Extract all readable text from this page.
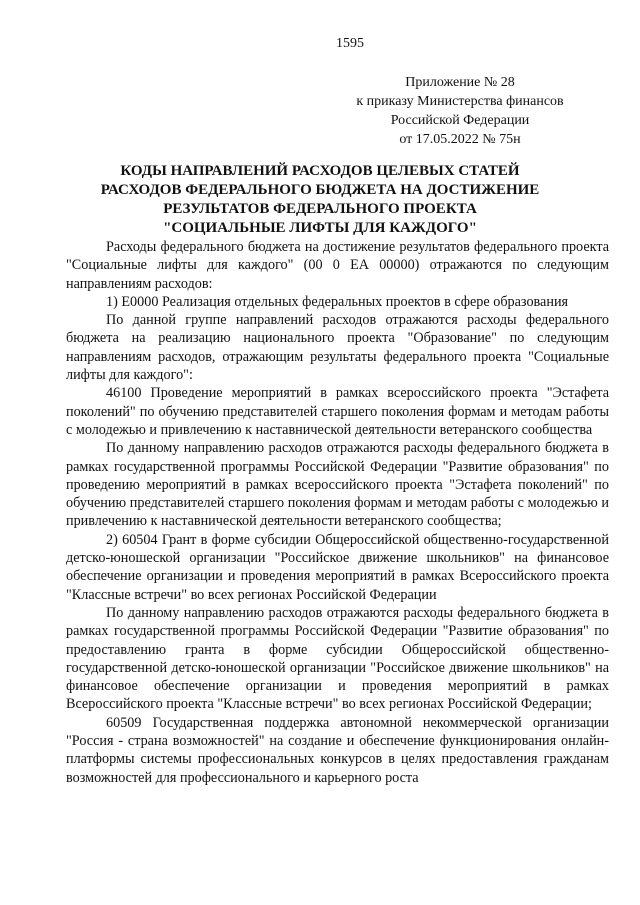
1595
Приложение № 28
к приказу Министерства финансов
Российской Федерации
от 17.05.2022 № 75н
КОДЫ НАПРАВЛЕНИЙ РАСХОДОВ ЦЕЛЕВЫХ СТАТЕЙ
РАСХОДОВ ФЕДЕРАЛЬНОГО БЮДЖЕТА НА ДОСТИЖЕНИЕ
РЕЗУЛЬТАТОВ ФЕДЕРАЛЬНОГО ПРОЕКТА
"СОЦИАЛЬНЫЕ ЛИФТЫ ДЛЯ КАЖДОГО"

Расходы федерального бюджета на достижение результатов федерального проекта "Социальные лифты для каждого" (00 0 ЕА 00000) отражаются по следующим направлениям расходов:

1) Е0000 Реализация отдельных федеральных проектов в сфере образования

По данной группе направлений расходов отражаются расходы федерального бюджета на реализацию национального проекта "Образование" по следующим направлениям расходов, отражающим результаты федерального проекта "Социальные лифты для каждого":

46100 Проведение мероприятий в рамках всероссийского проекта "Эстафета поколений" по обучению представителей старшего поколения формам и методам работы с молодежью и привлечению к наставнической деятельности ветеранского сообщества

По данному направлению расходов отражаются расходы федерального бюджета в рамках государственной программы Российской Федерации "Развитие образования" по проведению мероприятий в рамках всероссийского проекта "Эстафета поколений" по обучению представителей старшего поколения формам и методам работы с молодежью и привлечению к наставнической деятельности ветеранского сообщества;

2) 60504 Грант в форме субсидии Общероссийской общественно-государственной детско-юношеской организации "Российское движение школьников" на финансовое обеспечение организации и проведения мероприятий в рамках Всероссийского проекта "Классные встречи" во всех регионах Российской Федерации

По данному направлению расходов отражаются расходы федерального бюджета в рамках государственной программы Российской Федерации "Развитие образования" по предоставлению гранта в форме субсидии Общероссийской общественно-государственной детско-юношеской организации "Российское движение школьников" на финансовое обеспечение организации и проведения мероприятий в рамках Всероссийского проекта "Классные встречи" во всех регионах Российской Федерации;

60509 Государственная поддержка автономной некоммерческой организации "Россия - страна возможностей" на создание и обеспечение функционирования онлайн-платформы системы профессиональных конкурсов в целях предоставления гражданам возможностей для профессионального и карьерного роста
